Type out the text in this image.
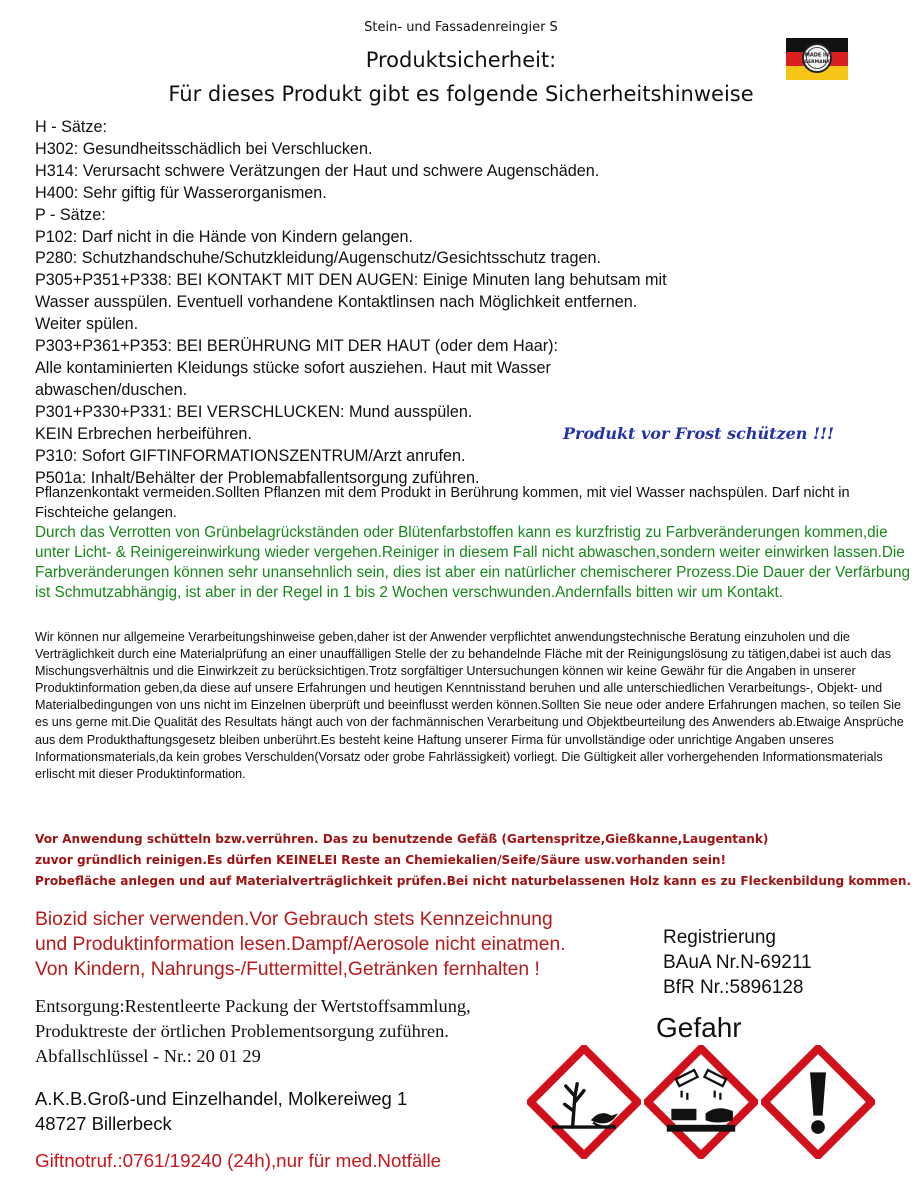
Stein- und Fassadenreingier S
Produktsicherheit:
Für dieses Produkt gibt es folgende Sicherheitshinweise
MADE IN
GERMANY
H - Sätze:
H302: Gesundheitsschädlich bei Verschlucken.
H314: Verursacht schwere Verätzungen der Haut und schwere Augenschäden.
H400: Sehr giftig für Wasserorganismen.
P - Sätze:
P102: Darf nicht in die Hände von Kindern gelangen.
P280: Schutzhandschuhe/Schutzkleidung/Augenschutz/Gesichtsschutz tragen.
P305+P351+P338: BEI KONTAKT MIT DEN AUGEN: Einige Minuten lang behutsam mit
Wasser ausspülen. Eventuell vorhandene Kontaktlinsen nach Möglichkeit entfernen.
Weiter spülen.
P303+P361+P353: BEI BERÜHRUNG MIT DER HAUT (oder dem Haar):
Alle kontaminierten Kleidungs stücke sofort ausziehen. Haut mit Wasser
abwaschen/duschen.
P301+P330+P331: BEI VERSCHLUCKEN: Mund ausspülen.
KEIN Erbrechen herbeiführen.
P310: Sofort GIFTINFORMATIONSZENTRUM/Arzt anrufen.
P501a: Inhalt/Behälter der Problemabfallentsorgung zuführen.
Produkt vor Frost schützen !!!
Pflanzenkontakt vermeiden.Sollten Pflanzen mit dem Produkt in Berührung kommen, mit viel Wasser nachspülen. Darf nicht in Fischteiche gelangen.
Durch das Verrotten von Grünbelagrückständen oder Blütenfarbstoffen kann es kurzfristig zu Farbveränderungen kommen,die unter Licht- & Reinigereinwirkung wieder vergehen.Reiniger in diesem Fall nicht abwaschen,sondern weiter einwirken lassen.Die Farbveränderungen können sehr unansehnlich sein, dies ist aber ein natürlicher chemischerer Prozess.Die Dauer der Verfärbung ist Schmutzabhängig, ist aber in der Regel in 1 bis 2 Wochen verschwunden.Andernfalls bitten wir um Kontakt.
Wir können nur allgemeine Verarbeitungshinweise geben,daher ist der Anwender verpflichtet anwendungstechnische Beratung einzuholen und die Verträglichkeit durch eine Materialprüfung an einer unauffälligen Stelle der zu behandelnde Fläche mit der Reinigungslösung zu tätigen,dabei ist auch das Mischungsverhältnis und die Einwirkzeit zu berücksichtigen.Trotz sorgfältiger Untersuchungen können wir keine Gewähr für die Angaben in unserer Produktinformation geben,da diese auf unsere Erfahrungen und heutigen Kenntnisstand beruhen und alle unterschiedlichen Verarbeitungs-, Objekt- und Materialbedingungen von uns nicht im Einzelnen überprüft und beeinflusst werden können.Sollten Sie neue oder andere Erfahrungen machen, so teilen Sie es uns gerne mit.Die Qualität des Resultats hängt auch von der fachmännischen Verarbeitung und Objektbeurteilung des Anwenders ab.Etwaige Ansprüche aus dem Produkthaftungsgesetz bleiben unberührt.Es besteht keine Haftung unserer Firma für unvollständige oder unrichtige Angaben unseres Informationsmaterials,da kein grobes Verschulden(Vorsatz oder grobe Fahrlässigkeit) vorliegt. Die Gültigkeit aller vorhergehenden Informationsmaterials erlischt mit dieser Produktinformation.
Vor Anwendung schütteln bzw.verrühren. Das zu benutzende Gefäß (Gartenspritze,Gießkanne,Laugentank)
zuvor gründlich reinigen.Es dürfen KEINELEI Reste an Chemiekalien/Seife/Säure usw.vorhanden sein!
Probefläche anlegen und auf Materialverträglichkeit prüfen.Bei nicht naturbelassenen Holz kann es zu Fleckenbildung kommen.
Biozid sicher verwenden.Vor Gebrauch stets Kennzeichnung
und Produktinformation lesen.Dampf/Aerosole nicht einatmen.
Von Kindern, Nahrungs-/Futtermittel,Getränken fernhalten !
Registrierung
BAuA Nr.N-69211
BfR Nr.:5896128
Entsorgung:Restentleerte Packung der Wertstoffsammlung,
Produktreste der örtlichen Problementsorgung zuführen.
Abfallschlüssel - Nr.: 20 01 29
Gefahr
A.K.B.Groß-und Einzelhandel, Molkereiweg 1
48727 Billerbeck
Giftnotruf.:0761/19240 (24h),nur für med.Notfälle
